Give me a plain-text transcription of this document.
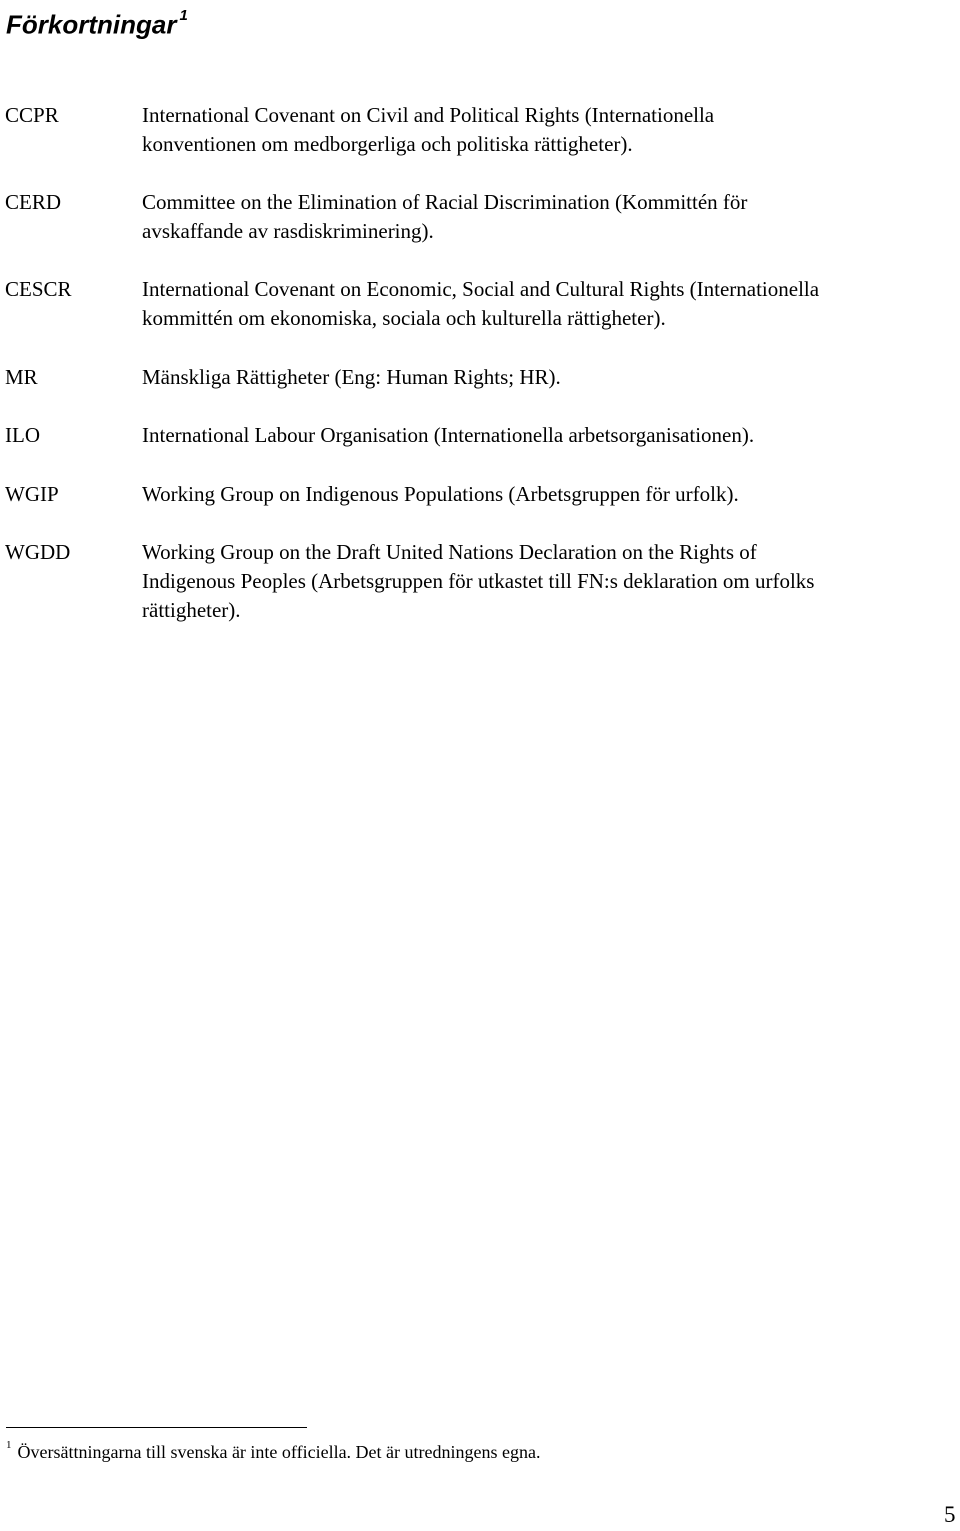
Förkortningar $^1$
CCPR	International Covenant on Civil and Political Rights (Internationella
konventionen om medborgerliga och politiska rättigheter).
CERD	Committee on the Elimination of Racial Discrimination (Kommittén för
avskaffande av rasdiskriminering).
CESCR	International Covenant on Economic, Social and Cultural Rights (Internationella
kommittén om ekonomiska, sociala och kulturella rättigheter).
MR	Mänskliga Rättigheter (Eng: Human Rights; HR).
ILO	International Labour Organisation (Internationella arbetsorganisationen).
WGIP	Working Group on Indigenous Populations (Arbetsgruppen för urfolk).
WGDD	Working Group on the Draft United Nations Declaration on the Rights of
Indigenous Peoples (Arbetsgruppen för utkastet till FN:s deklaration om urfolks
rättigheter).
$^1$ Översättningarna till svenska är inte officiella. Det är utredningens egna.
5
